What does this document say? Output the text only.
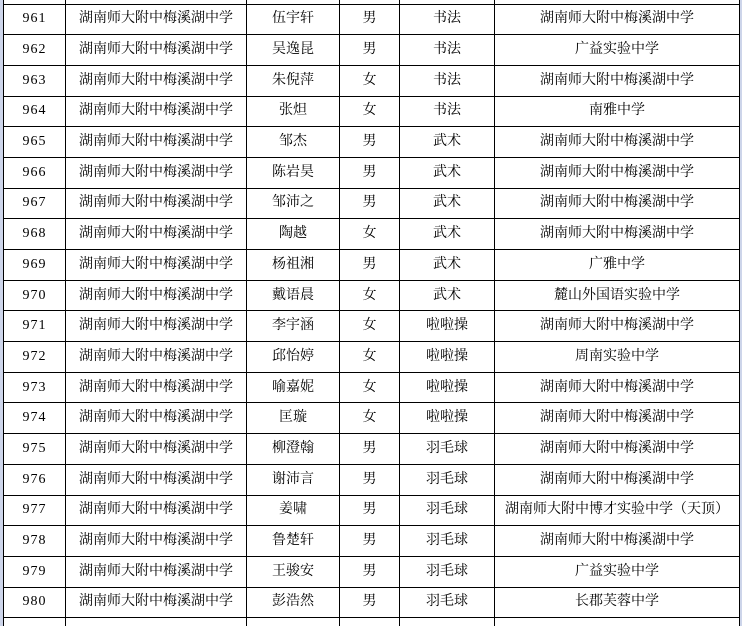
961	湖南师大附中梅溪湖中学	伍宇轩	男	书法	湖南师大附中梅溪湖中学
962	湖南师大附中梅溪湖中学	吴逸昆	男	书法	广益实验中学
963	湖南师大附中梅溪湖中学	朱倪萍	女	书法	湖南师大附中梅溪湖中学
964	湖南师大附中梅溪湖中学	张炟	女	书法	南雅中学
965	湖南师大附中梅溪湖中学	邹杰	男	武术	湖南师大附中梅溪湖中学
966	湖南师大附中梅溪湖中学	陈岩昊	男	武术	湖南师大附中梅溪湖中学
967	湖南师大附中梅溪湖中学	邹沛之	男	武术	湖南师大附中梅溪湖中学
968	湖南师大附中梅溪湖中学	陶越	女	武术	湖南师大附中梅溪湖中学
969	湖南师大附中梅溪湖中学	杨祖湘	男	武术	广雅中学
970	湖南师大附中梅溪湖中学	戴语晨	女	武术	麓山外国语实验中学
971	湖南师大附中梅溪湖中学	李宇涵	女	啦啦操	湖南师大附中梅溪湖中学
972	湖南师大附中梅溪湖中学	邱怡婷	女	啦啦操	周南实验中学
973	湖南师大附中梅溪湖中学	喻嘉妮	女	啦啦操	湖南师大附中梅溪湖中学
974	湖南师大附中梅溪湖中学	匡璇	女	啦啦操	湖南师大附中梅溪湖中学
975	湖南师大附中梅溪湖中学	柳澄翰	男	羽毛球	湖南师大附中梅溪湖中学
976	湖南师大附中梅溪湖中学	谢沛言	男	羽毛球	湖南师大附中梅溪湖中学
977	湖南师大附中梅溪湖中学	姜啸	男	羽毛球	湖南师大附中博才实验中学（天顶）
978	湖南师大附中梅溪湖中学	鲁楚轩	男	羽毛球	湖南师大附中梅溪湖中学
979	湖南师大附中梅溪湖中学	王骏安	男	羽毛球	广益实验中学
980	湖南师大附中梅溪湖中学	彭浩然	男	羽毛球	长郡芙蓉中学
